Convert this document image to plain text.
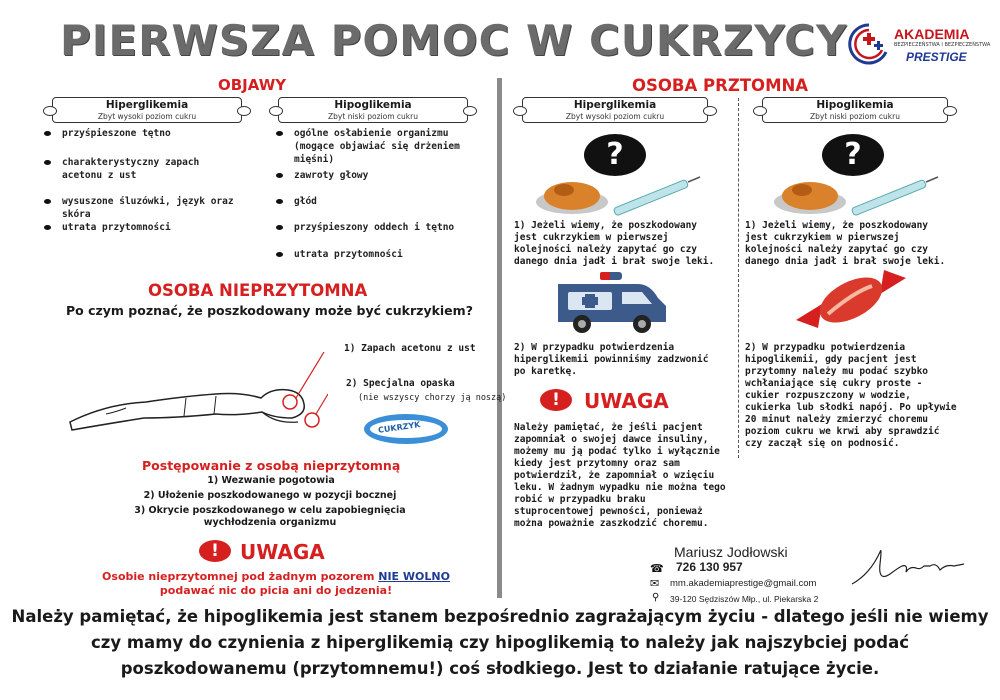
PIERWSZA POMOC W CUKRZYCY	AKADEMIA
BEZPIECZEŃSTWA I BEZPIECZEŃSTWA
PRESTIGE
OBJAWY
Hiperglikemia
Zbyt wysoki poziom cukru
Hipoglikemia
Zbyt niski poziom cukru
przyśpieszone tętno
charakterystyczny zapach acetonu z ust
wysuszone śluzówki, język oraz skóra
utrata przytomności
ogólne osłabienie organizmu (mogące objawiać się drżeniem mięśni)
zawroty głowy
głód
przyśpieszony oddech i tętno
utrata przytomności
OSOBA NIEPRZYTOMNA
Po czym poznać, że poszkodowany może być cukrzykiem?
1) Zapach acetonu z ust
2) Specjalna opaska
(nie wszyscy chorzy ją noszą)
CUKRZYK
Postępowanie z osobą nieprzytomną
1) Wezwanie pogotowia
2) Ułożenie poszkodowanego w pozycji bocznej
3) Okrycie poszkodowanego w celu zapobiegnięcia wychłodzenia organizmu
!	UWAGA
Osobie nieprzytomnej pod żadnym pozorem NIE WOLNO podawać nic do picia ani do jedzenia!
OSOBA PRZTOMNA
Hiperglikemia
Zbyt wysoki poziom cukru
Hipoglikemia
Zbyt niski poziom cukru
?	?
1) Jeżeli wiemy, że poszkodowany jest cukrzykiem w pierwszej kolejności należy zapytać go czy danego dnia jadł i brał swoje leki.
1) Jeżeli wiemy, że poszkodowany jest cukrzykiem w pierwszej kolejności należy zapytać go czy danego dnia jadł i brał swoje leki.
2) W przypadku potwierdzenia hiperglikemii powinniśmy zadzwonić po karetkę.
2) W przypadku potwierdzenia hipoglikemii, gdy pacjent jest przytomny należy mu podać szybko wchłaniające się cukry proste - cukier rozpuszczony w wodzie, cukierka lub słodki napój. Po upływie 20 minut należy zmierzyć choremu poziom cukru we krwi aby sprawdzić czy zaczął się on podnosić.
!	UWAGA
Należy pamiętać, że jeśli pacjent zapomniał o swojej dawce insuliny, możemy mu ją podać tylko i wyłącznie kiedy jest przytomny oraz sam potwierdził, że zapomniał o wzięciu leku. W żadnym wypadku nie można tego robić w przypadku braku stuprocentowej pewności, ponieważ można poważnie zaszkodzić choremu.
Mariusz Jodłowski
☎ 726 130 957
✉ mm.akademiaprestige@gmail.com
⚲ 39-120 Sędziszów Młp., ul. Piekarska 2
Należy pamiętać, że hipoglikemia jest stanem bezpośrednio zagrażającym życiu - dlatego jeśli nie wiemy czy mamy do czynienia z hiperglikemią czy hipoglikemią to należy jak najszybciej podać poszkodowanemu (przytomnemu!) coś słodkiego. Jest to działanie ratujące życie.
